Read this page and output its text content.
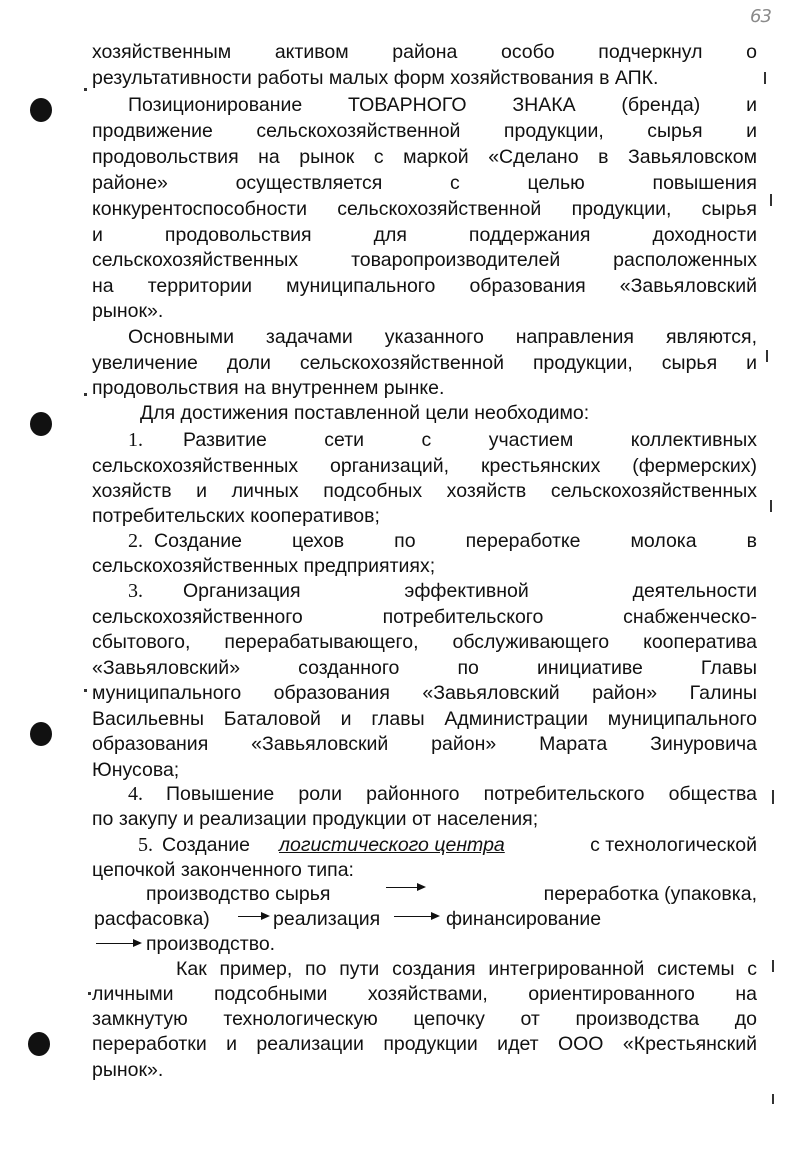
63
хозяйственным активом района особо подчеркнул о
результативности работы малых форм хозяйствования в АПК.
Позиционирование ТОВАРНОГО ЗНАКА (бренда) и
продвижение сельскохозяйственной продукции, сырья и
продовольствия на рынок с маркой «Сделано в Завьяловском
районе» осуществляется с целью повышения
конкурентоспособности сельскохозяйственной продукции, сырья
и продовольствия для поддержания доходности
сельскохозяйственных товаропроизводителей расположенных
на территории муниципального образования «Завьяловский
рынок».
Основными задачами указанного направления являются,
увеличение доли сельскохозяйственной продукции, сырья и
продовольствия на внутреннем рынке.
Для достижения поставленной цели необходимо:
1.	Развитие сети с участием коллективных
сельскохозяйственных организаций, крестьянских (фермерских)
хозяйств и личных подсобных хозяйств сельскохозяйственных
потребительских кооперативов;
2. Создание цехов по переработке молока в
сельскохозяйственных предприятиях;
3.	Организация эффективной деятельности
сельскохозяйственного потребительского снабженческо-
сбытового, перерабатывающего, обслуживающего кооператива
«Завьяловский» созданного по инициативе Главы
муниципального образования «Завьяловский район» Галины
Васильевны Баталовой и главы Администрации муниципального
образования «Завьяловский район» Марата Зинуровича
Юнусова;
4.	Повышение роли районного потребительского общества
по закупу и реализации продукции от населения;
5. Создание	логистического центра	с технологической
цепочкой законченного типа:
производство сырья	переработка (упаковка,
расфасовка)	реализация	финансирование
производство.
Как пример, по пути создания интегрированной системы с
личными подсобными хозяйствами, ориентированного на
замкнутую технологическую цепочку от производства до
переработки и реализации продукции идет ООО «Крестьянский
рынок».
